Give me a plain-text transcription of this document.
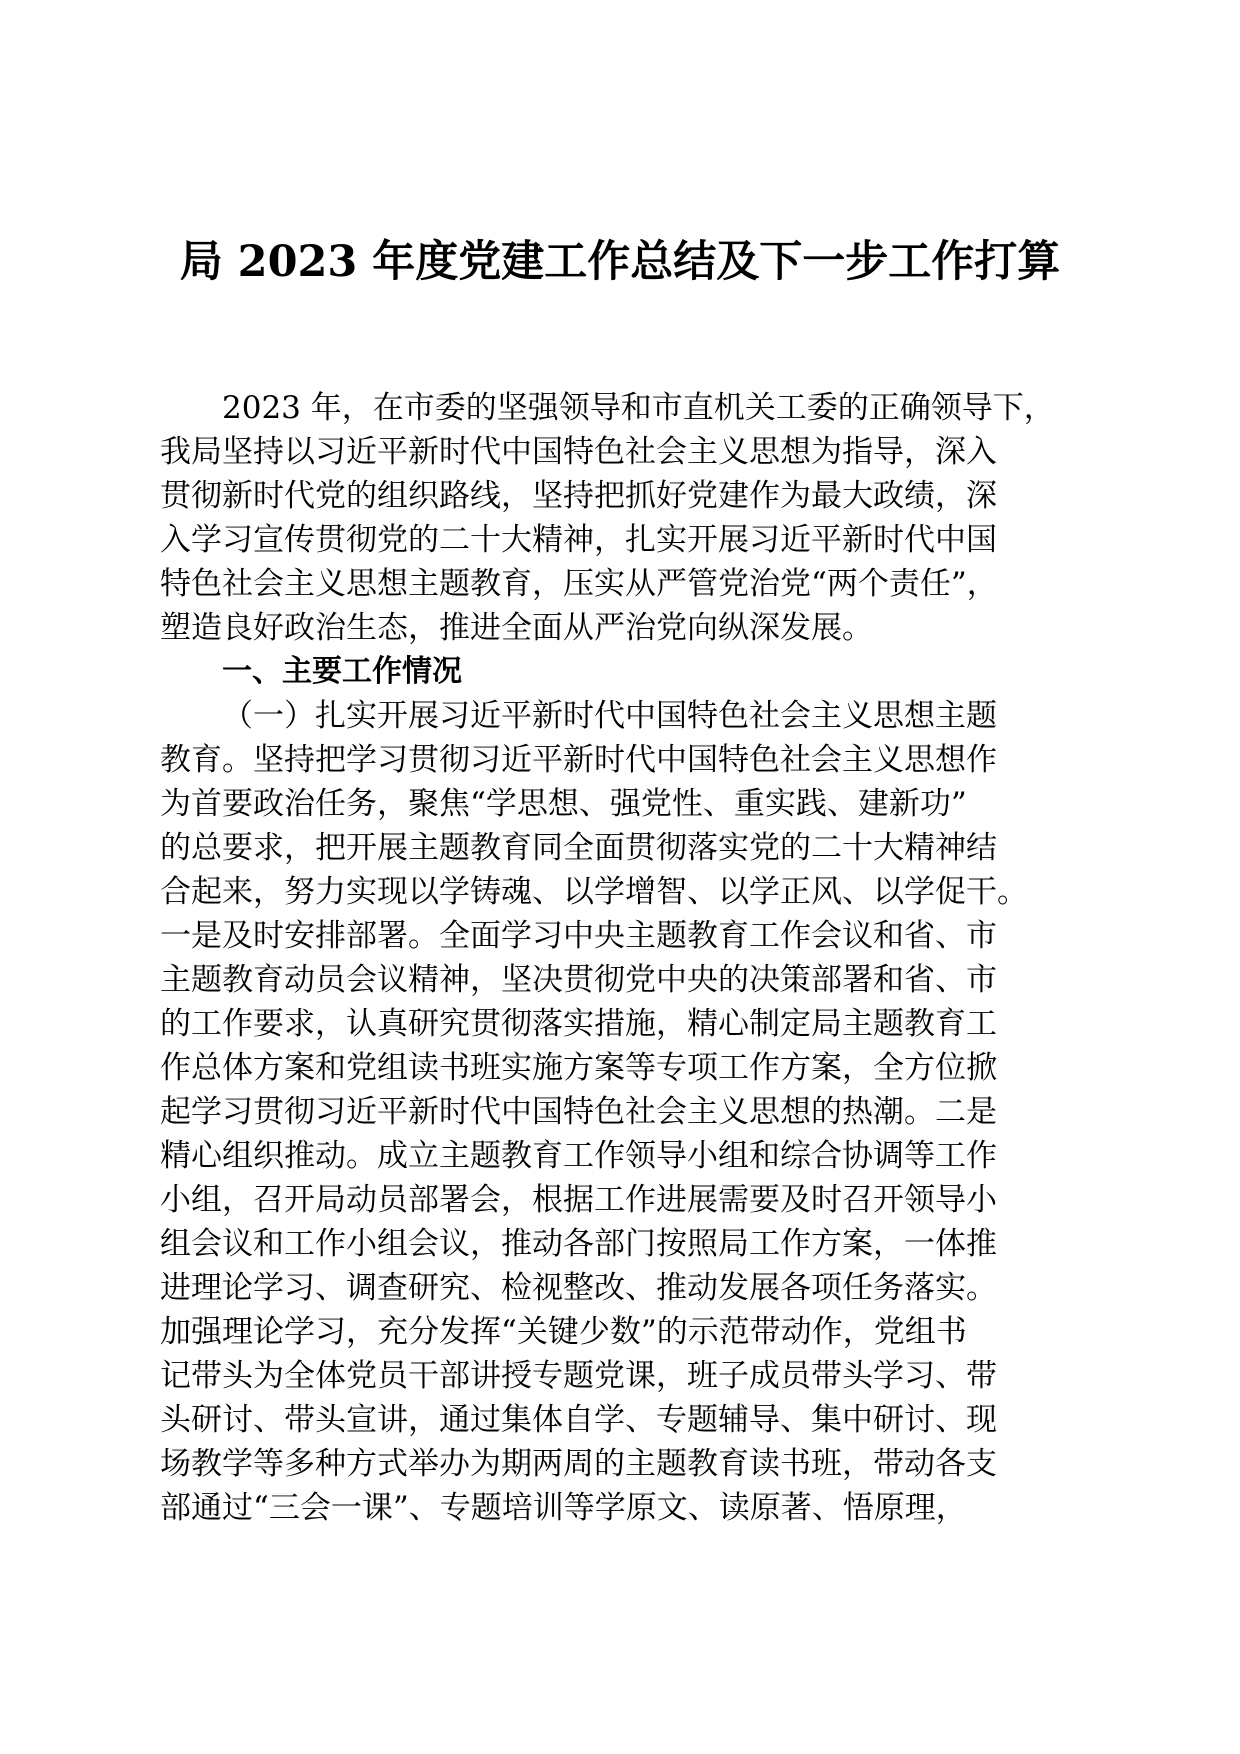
局 2023 年度党建工作总结及下一步工作打算
2023 年，在市委的坚强领导和市直机关工委的正确领导下，
我局坚持以习近平新时代中国特色社会主义思想为指导，深入
贯彻新时代党的组织路线，坚持把抓好党建作为最大政绩，深
入学习宣传贯彻党的二十大精神，扎实开展习近平新时代中国
特色社会主义思想主题教育，压实从严管党治党“两个责任”，
塑造良好政治生态，推进全面从严治党向纵深发展。
一、主要工作情况
（一）扎实开展习近平新时代中国特色社会主义思想主题
教育。坚持把学习贯彻习近平新时代中国特色社会主义思想作
为首要政治任务，聚焦“学思想、强党性、重实践、建新功”
的总要求，把开展主题教育同全面贯彻落实党的二十大精神结
合起来，努力实现以学铸魂、以学增智、以学正风、以学促干。
一是及时安排部署。全面学习中央主题教育工作会议和省、市
主题教育动员会议精神，坚决贯彻党中央的决策部署和省、市
的工作要求，认真研究贯彻落实措施，精心制定局主题教育工
作总体方案和党组读书班实施方案等专项工作方案，全方位掀
起学习贯彻习近平新时代中国特色社会主义思想的热潮。二是
精心组织推动。成立主题教育工作领导小组和综合协调等工作
小组，召开局动员部署会，根据工作进展需要及时召开领导小
组会议和工作小组会议，推动各部门按照局工作方案，一体推
进理论学习、调查研究、检视整改、推动发展各项任务落实。
加强理论学习，充分发挥“关键少数”的示范带动作，党组书
记带头为全体党员干部讲授专题党课，班子成员带头学习、带
头研讨、带头宣讲，通过集体自学、专题辅导、集中研讨、现
场教学等多种方式举办为期两周的主题教育读书班，带动各支
部通过“三会一课”、专题培训等学原文、读原著、悟原理，
